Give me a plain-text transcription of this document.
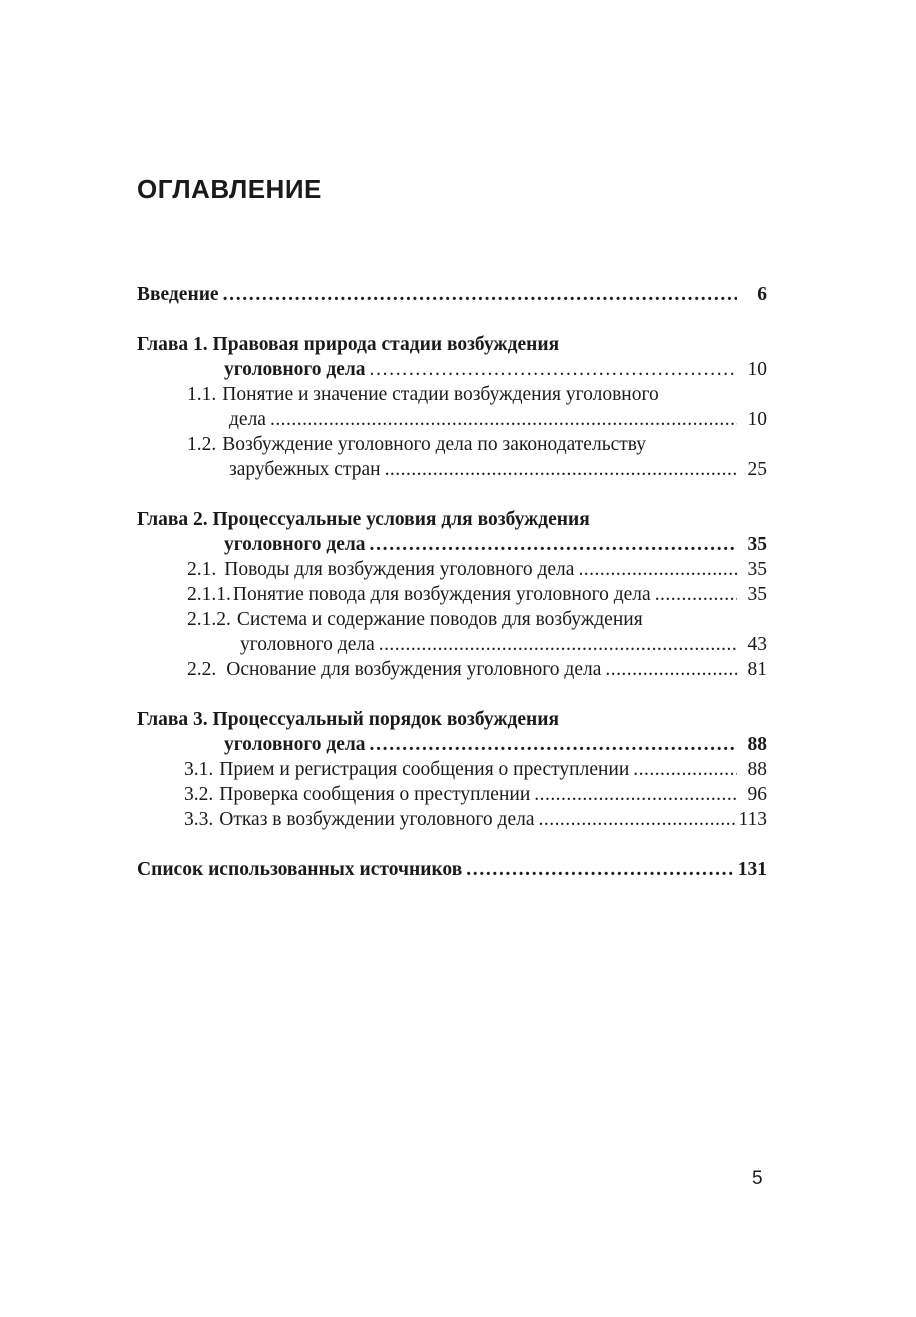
ОГЛАВЛЕНИЕ
Введение . . .	6
Глава 1. Правовая природа стадии возбуждения
уголовного дела . . .	10
1.1. Понятие и значение стадии возбуждения уголовного
дела . . .	10
1.2. Возбуждение уголовного дела по законодательству
зарубежных стран . . .	25
Глава 2. Процессуальные условия для возбуждения
уголовного дела . . .	35
2.1. Поводы для возбуждения уголовного дела . . .	35
2.1.1. Понятие повода для возбуждения уголовного дела . . .	35
2.1.2. Система и содержание поводов для возбуждения
уголовного дела . . .	43
2.2. Основание для возбуждения уголовного дела . . .	81
Глава 3. Процессуальный порядок возбуждения
уголовного дела . . .	88
3.1. Прием и регистрация сообщения о преступлении . . .	88
3.2. Проверка сообщения о преступлении . . .	96
3.3. Отказ в возбуждении уголовного дела . . .	113
Список использованных источников . . .	131
5
